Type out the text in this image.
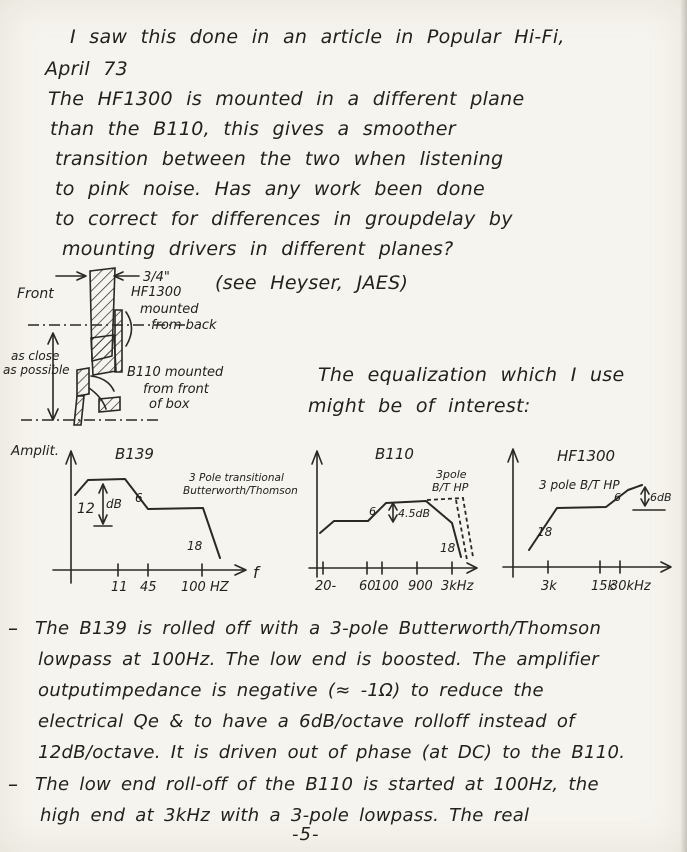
I saw this done in an article in Popular Hi-Fi,
April 73
The HF1300 is mounted in a different plane
than the B110, this gives a smoother
transition between the two when listening
to pink noise. Has any work been done
to correct for differences in groupdelay by
mounting drivers in different planes?
(see Heyser, JAES)
3/4"
Front	HF1300
mounted
from back
B110 mounted
from front
of box
as close
as possible	The equalization which I use
might be of interest:
Amplit.	B139
f
12 dB 6
18
3 Pole transitional
Butterworth/Thomson
11 45 100 HZ
B110
6 4.5dB
3pole
B/T HP
18
20- 60
100 900 3kHz
HF1300
18
6	6dB
3 pole B/T HP
3k	15k
30kHz
– The B139 is rolled off with a 3-pole Butterworth/Thomson
lowpass at 100Hz. The low end is boosted. The amplifier
outputimpedance is negative (≈ -1Ω) to reduce the
electrical Qe & to have a 6dB/octave rolloff instead of
12dB/octave. It is driven out of phase (at DC) to the B110.
– The low end roll-off of the B110 is started at 100Hz, the
high end at 3kHz with a 3-pole lowpass. The real
-5-
